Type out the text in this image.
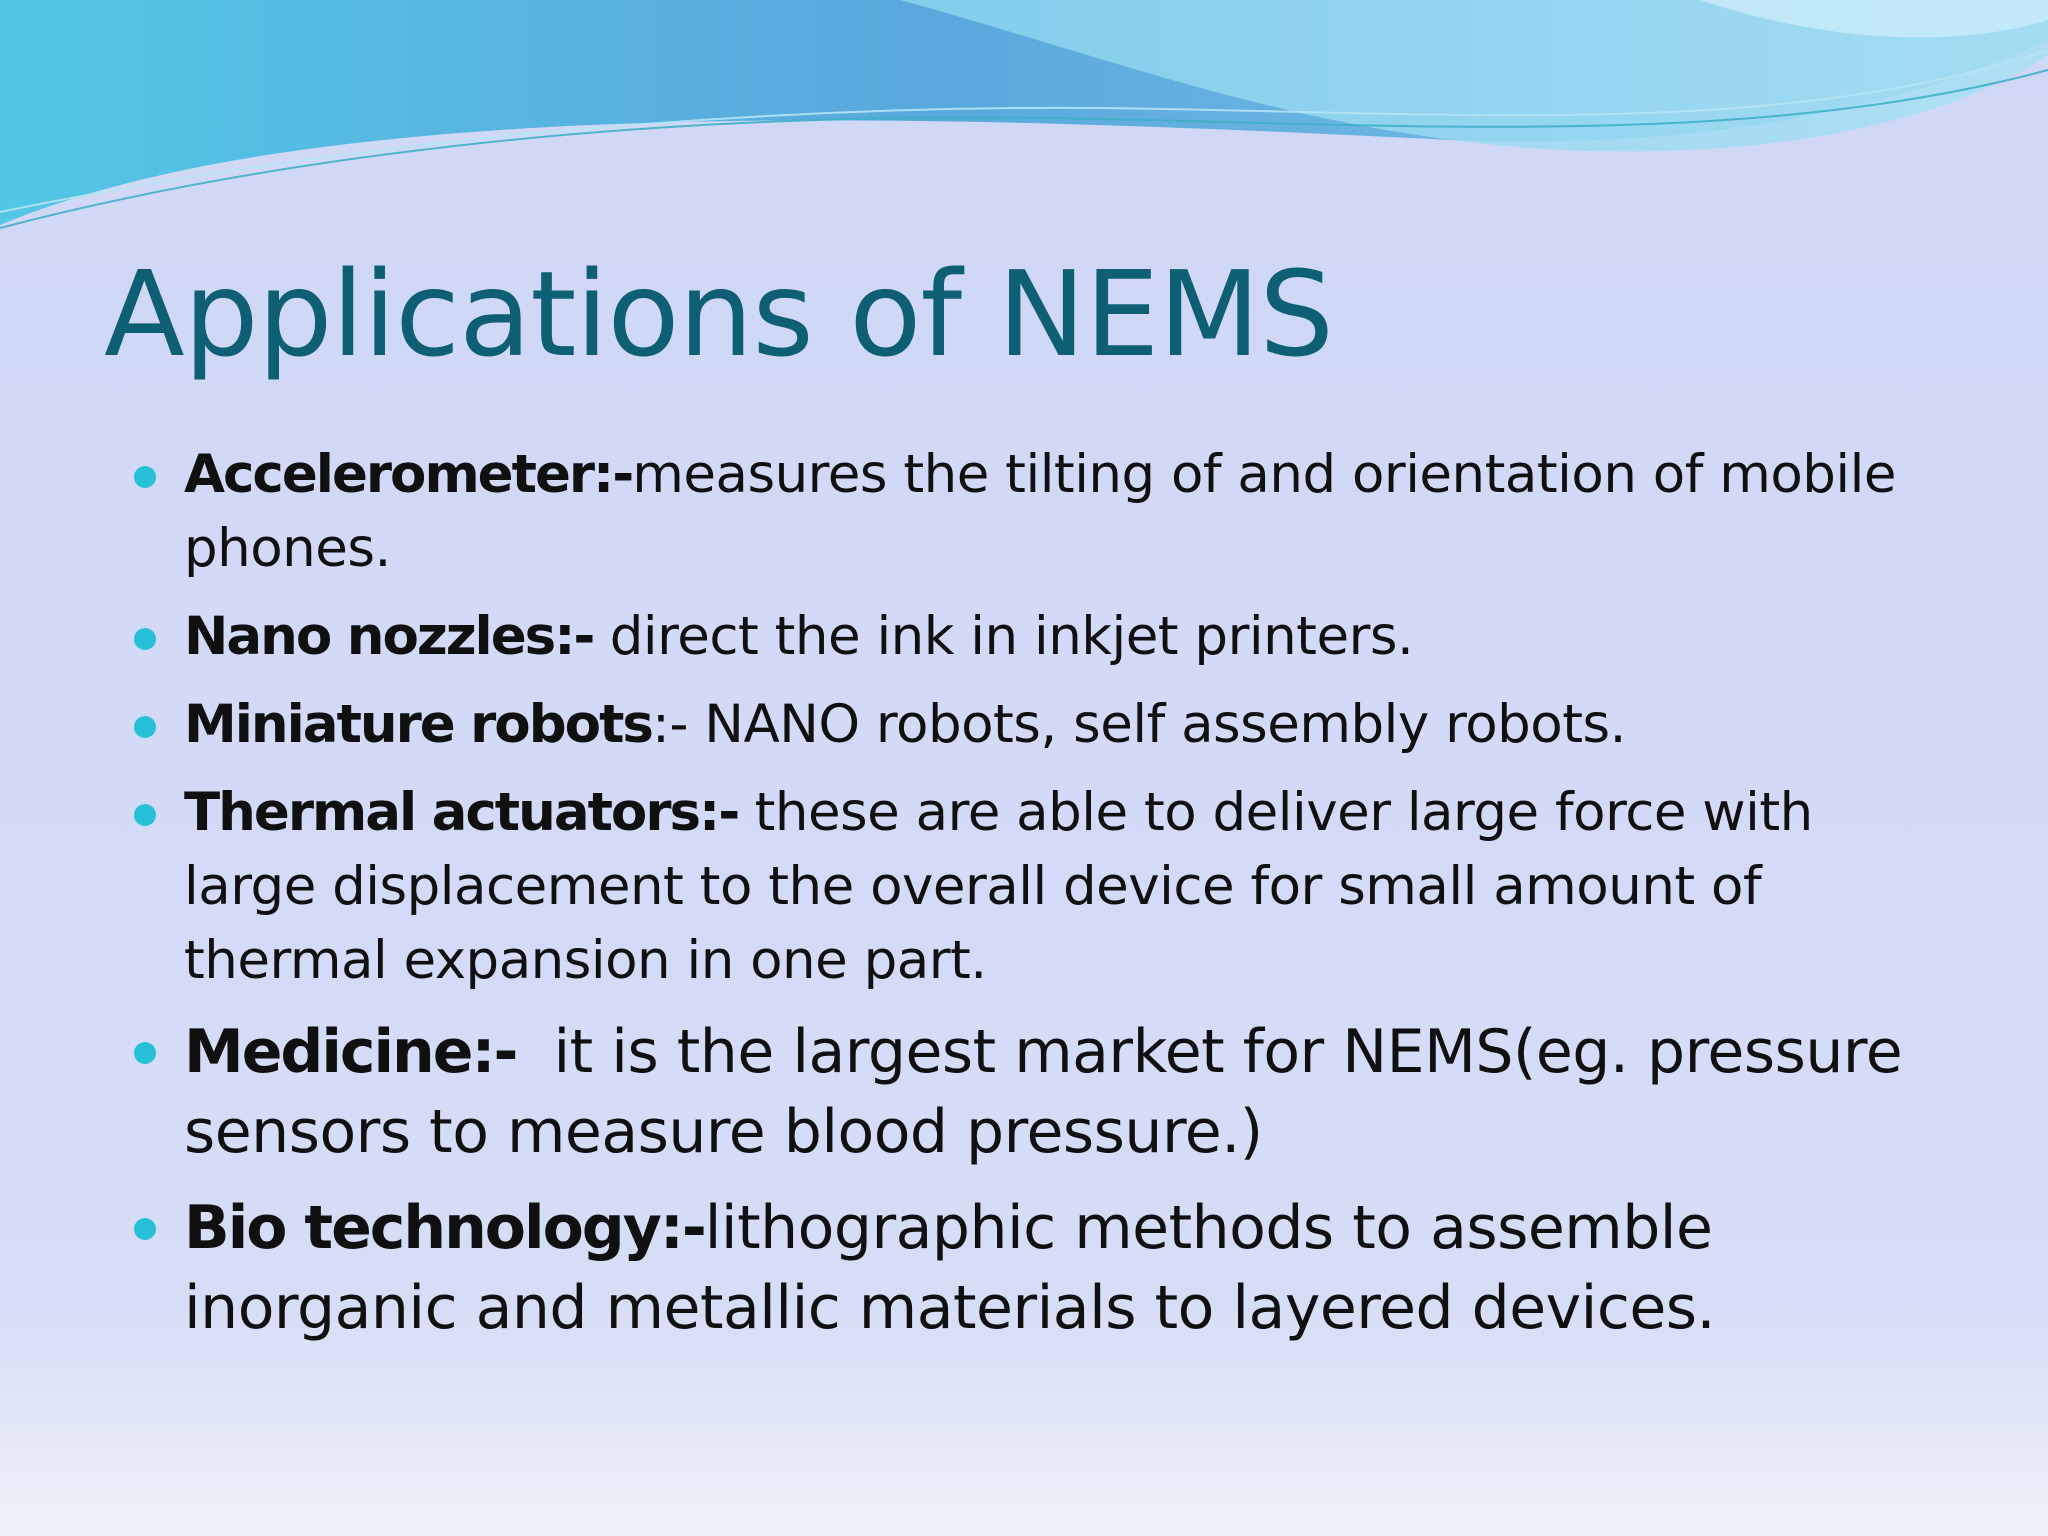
Applications of NEMS
Accelerometer:-measures the tilting of and orientation of mobile phones.
Nano nozzles:- direct the ink in inkjet printers.
Miniature robots:- NANO robots, self assembly robots.
Thermal actuators:- these are able to deliver large force with large displacement to the overall device for small amount of thermal expansion in one part.
Medicine:-  it is the largest market for NEMS(eg. pressure sensors to measure blood pressure.)
Bio technology:-lithographic methods to assemble inorganic and metallic materials to layered devices.
